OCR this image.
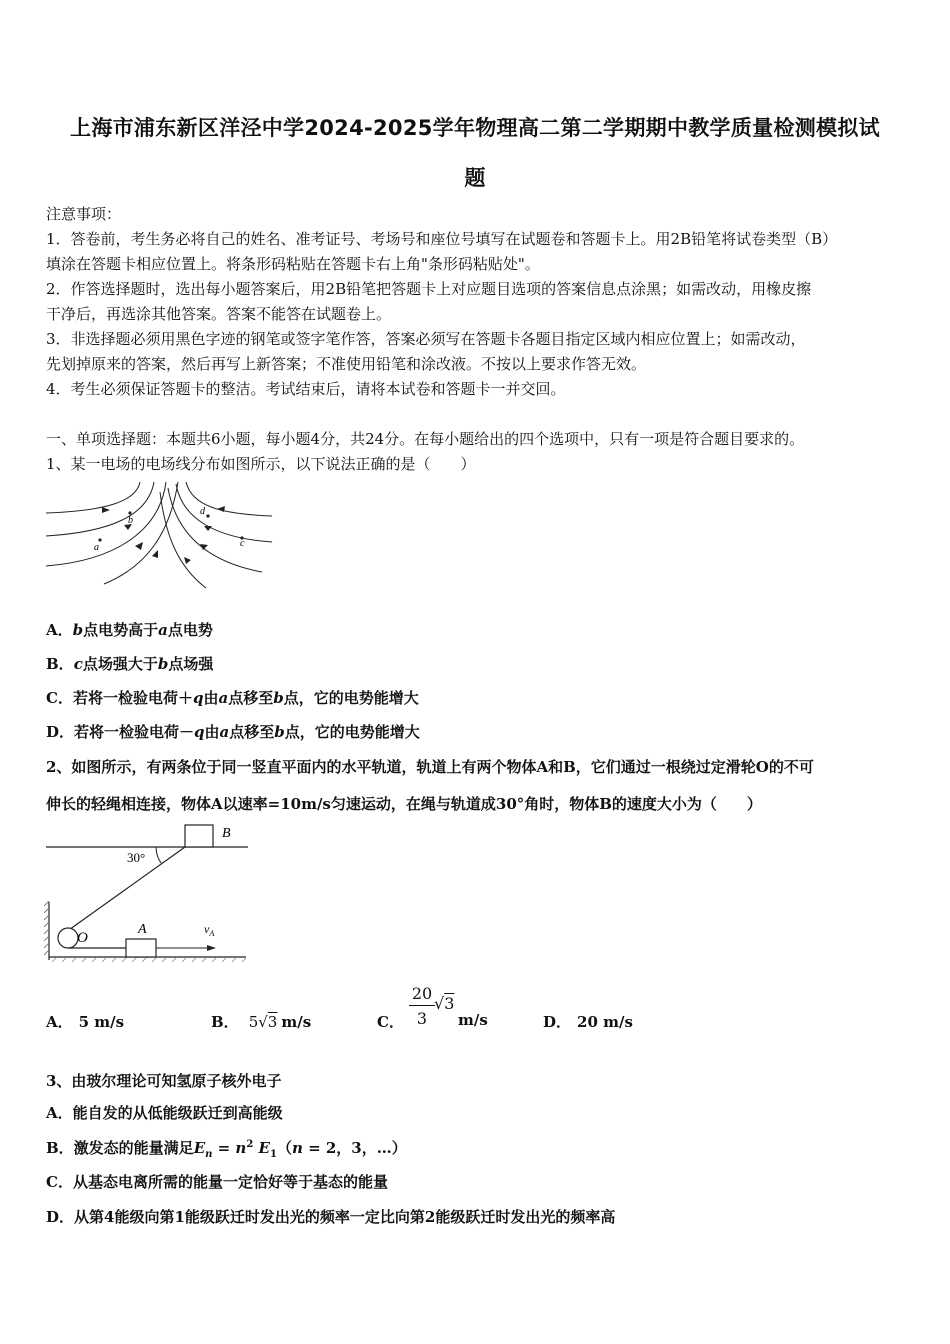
上海市浦东新区洋泾中学2024-2025学年物理高二第二学期期中教学质量检测模拟试
题
注意事项：
1．答卷前，考生务必将自己的姓名、准考证号、考场号和座位号填写在试题卷和答题卡上。用2B铅笔将试卷类型（B）
填涂在答题卡相应位置上。将条形码粘贴在答题卡右上角"条形码粘贴处"。
2．作答选择题时，选出每小题答案后，用2B铅笔把答题卡上对应题目选项的答案信息点涂黑；如需改动，用橡皮擦
干净后，再选涂其他答案。答案不能答在试题卷上。
3．非选择题必须用黑色字迹的钢笔或签字笔作答，答案必须写在答题卡各题目指定区域内相应位置上；如需改动，
先划掉原来的答案，然后再写上新答案；不准使用铅笔和涂改液。不按以上要求作答无效。
4．考生必须保证答题卡的整洁。考试结束后，请将本试卷和答题卡一并交回。
一、单项选择题：本题共6小题，每小题4分，共24分。在每小题给出的四个选项中，只有一项是符合题目要求的。
1、某一电场的电场线分布如图所示，以下说法正确的是（　　）
a
b
d
c
A．b点电势高于a点电势
B．c点场强大于b点场强
C．若将一检验电荷＋q由a点移至b点，它的电势能增大
D．若将一检验电荷－q由a点移至b点，它的电势能增大
2、如图所示，有两条位于同一竖直平面内的水平轨道，轨道上有两个物体A和B，它们通过一根绕过定滑轮O的不可
伸长的轻绳相连接，物体A以速率=10m/s匀速运动，在绳与轨道成30°角时，物体B的速度大小为（　　）
B
30°
O
A	$v_A$
A． 5 m/s	B． 5√3 m/s	C．
20
3
√3
m/s	D． 20 m/s
3、由玻尔理论可知氢原子核外电子
A．能自发的从低能级跃迁到高能级
B．激发态的能量满足$E_n = n^2$ $E_1(n = 2$，3，…）
C．从基态电离所需的能量一定恰好等于基态的能量
D．从第4能级向第1能级跃迁时发出光的频率一定比向第2能级跃迁时发出光的频率高
